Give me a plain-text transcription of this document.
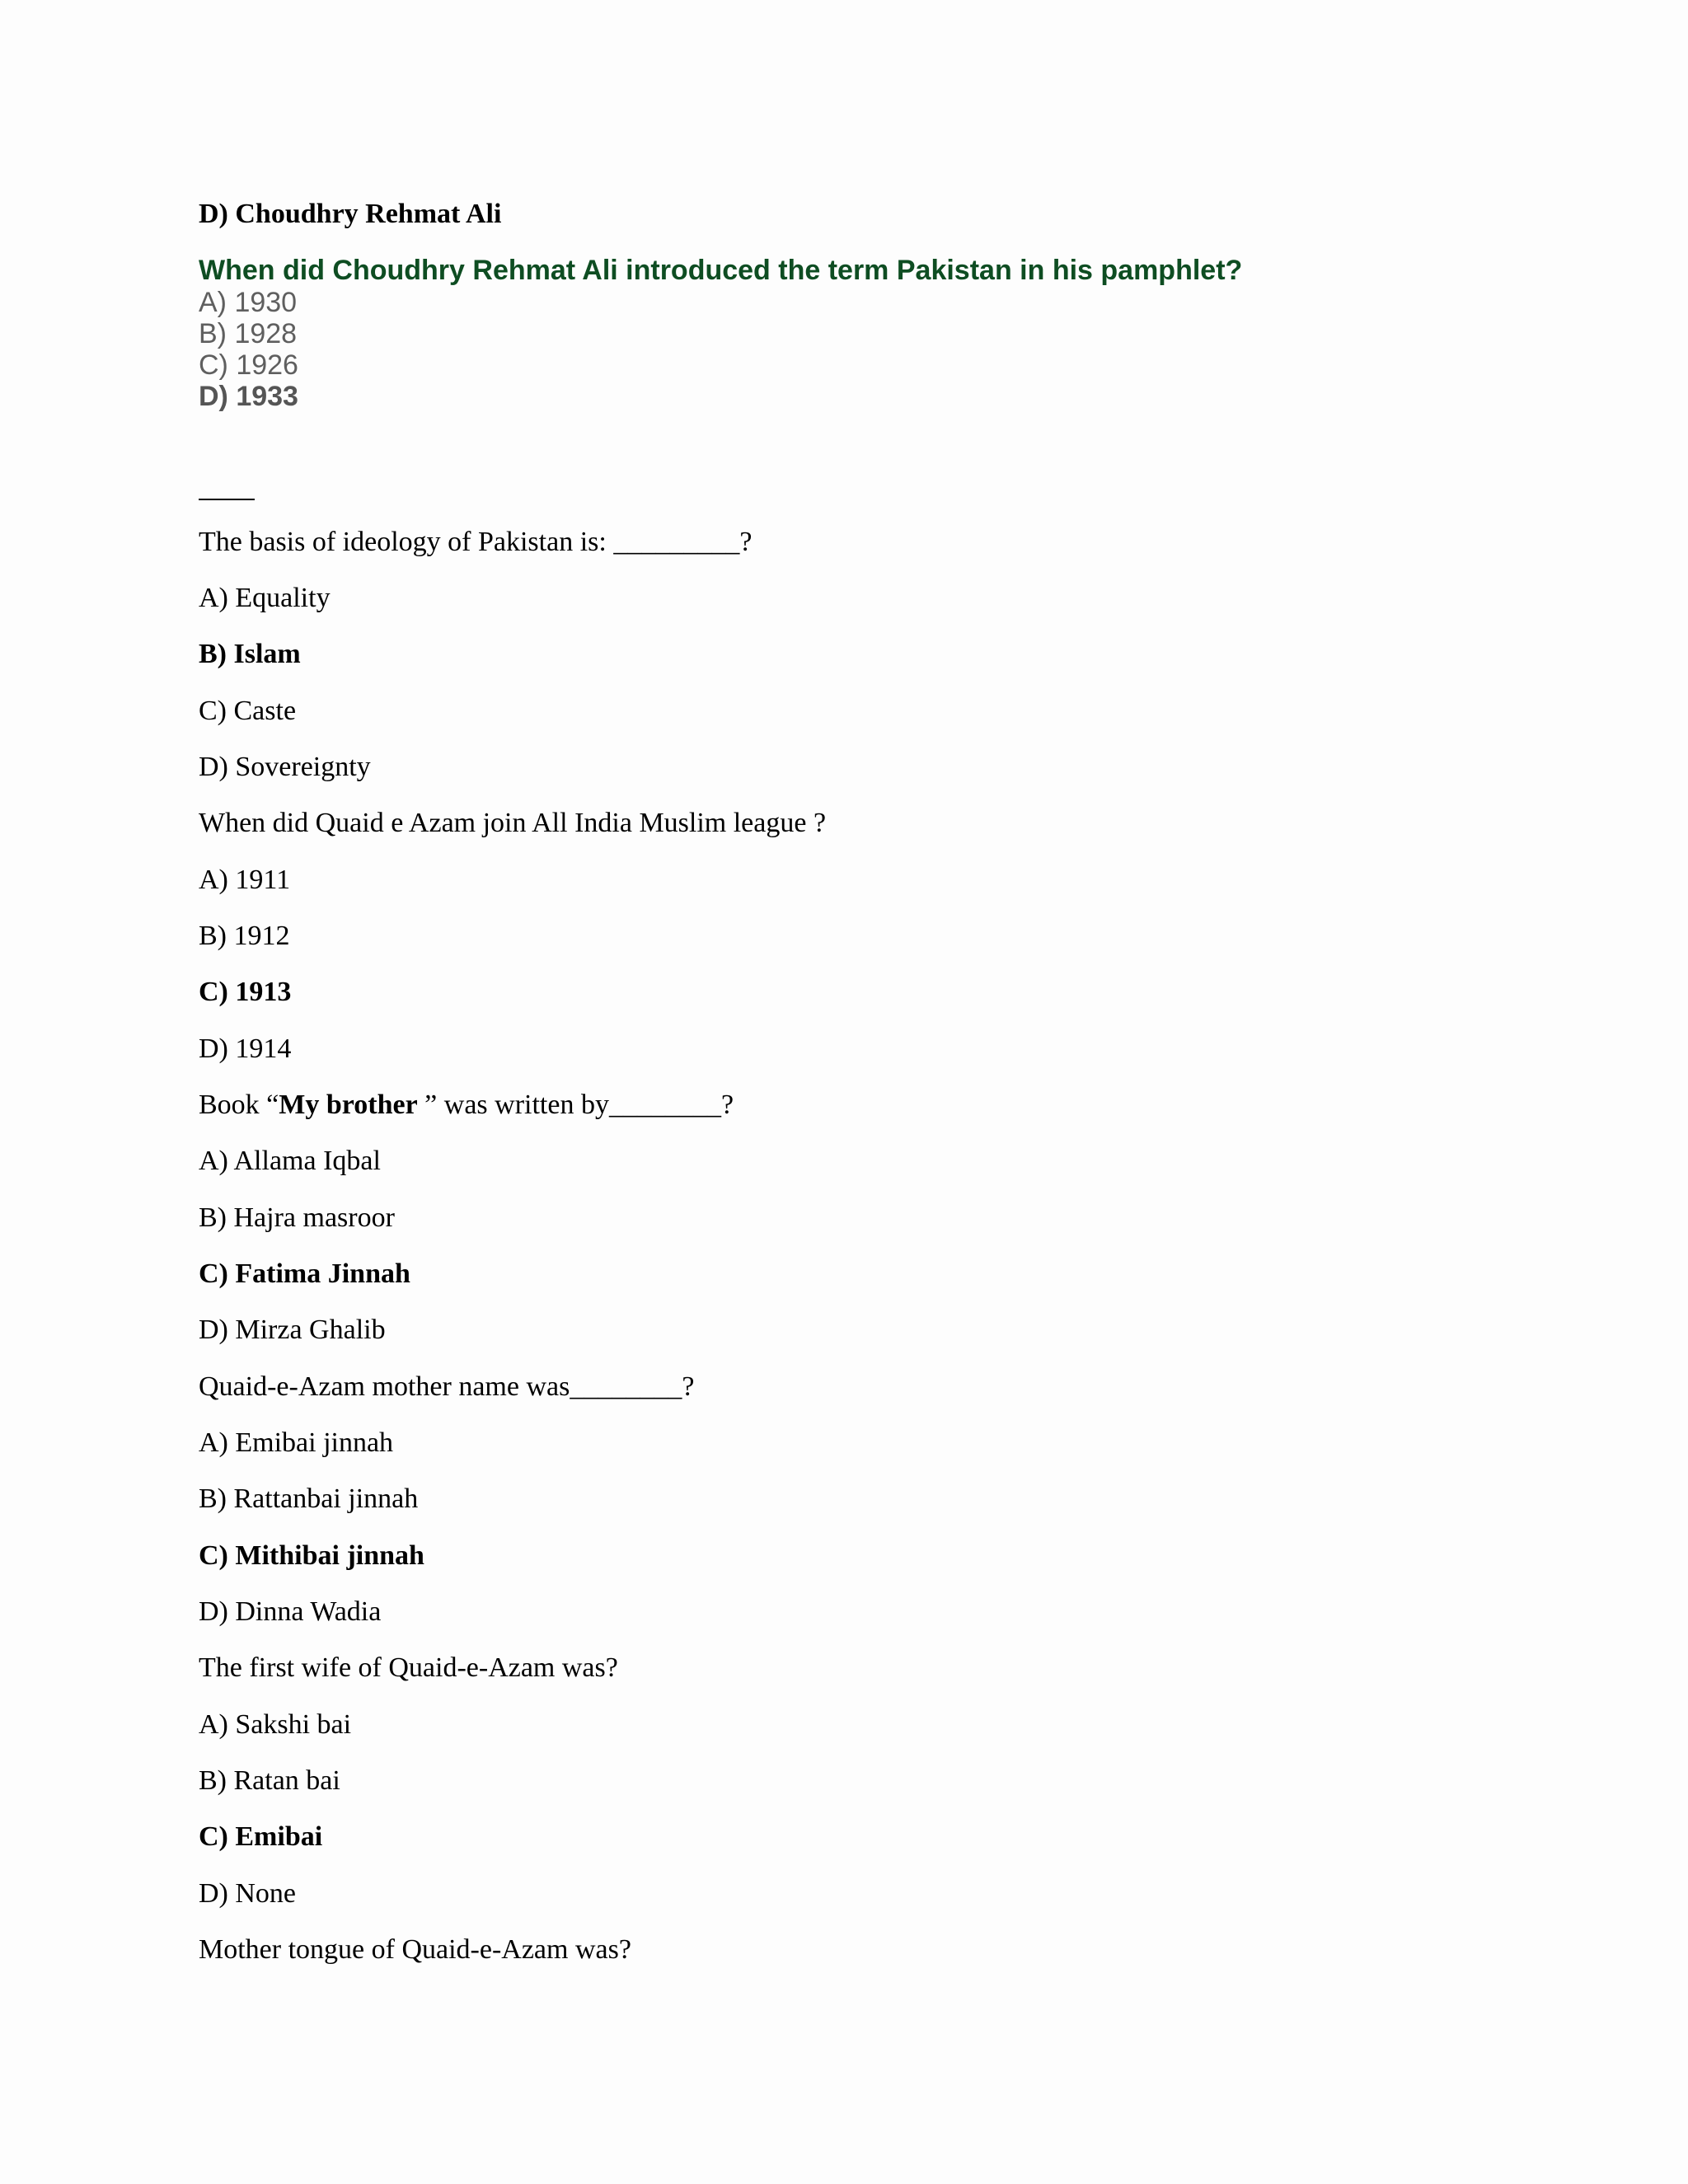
D) Choudhry Rehmat Ali
When did Choudhry Rehmat Ali introduced the term Pakistan in his pamphlet?
A) 1930
B) 1928
C) 1926
D) 1933
The basis of ideology of Pakistan is: _________?
A) Equality
B) Islam
C) Caste
D) Sovereignty
When did Quaid e Azam join All India Muslim league ?
A) 1911
B) 1912
C) 1913
D) 1914
Book “My brother ” was written by________?
A) Allama Iqbal
B) Hajra masroor
C) Fatima Jinnah
D) Mirza Ghalib
Quaid-e-Azam mother name was________?
A) Emibai jinnah
B) Rattanbai jinnah
C) Mithibai jinnah
D) Dinna Wadia
The first wife of Quaid-e-Azam was?
A) Sakshi bai
B) Ratan bai
C) Emibai
D) None
Mother tongue of Quaid-e-Azam was?
